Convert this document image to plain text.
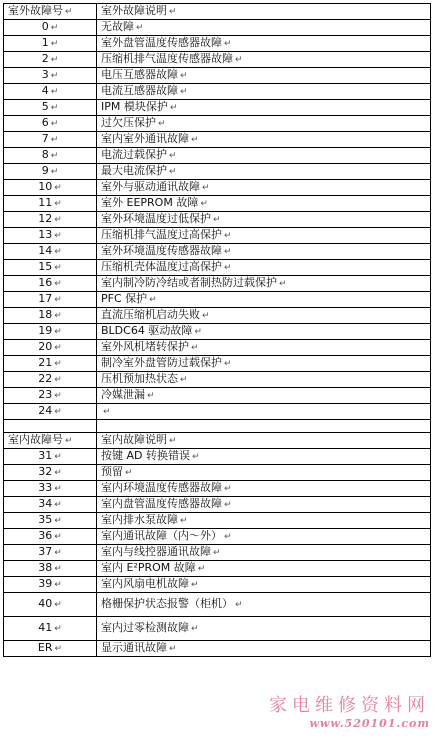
室外故障号 ↵	室外故障说明 ↵
0 ↵	无故障 ↵
1 ↵	室外盘管温度传感器故障 ↵
2 ↵	压缩机排气温度传感器故障 ↵
3 ↵	电压互感器故障 ↵
4 ↵	电流互感器故障 ↵
5 ↵	IPM 模块保护 ↵
6 ↵	过欠压保护 ↵
7 ↵	室内室外通讯故障 ↵
8 ↵	电流过载保护 ↵
9 ↵	最大电流保护 ↵
10 ↵	室外与驱动通讯故障 ↵
11 ↵	室外 EEPROM 故障 ↵
12 ↵	室外环境温度过低保护 ↵
13 ↵	压缩机排气温度过高保护 ↵
14 ↵	室外环境温度传感器故障 ↵
15 ↵	压缩机壳体温度过高保护 ↵
16 ↵	室内制冷防冷结或者制热防过载保护 ↵
17 ↵	PFC 保护 ↵
18 ↵	直流压缩机启动失败 ↵
19 ↵	BLDC64 驱动故障 ↵
20 ↵	室外风机堵转保护 ↵
21 ↵	制冷室外盘管防过载保护 ↵
22 ↵	压机预加热状态 ↵
23 ↵	冷媒泄漏 ↵
24 ↵	↵

室内故障号 ↵	室内故障说明 ↵
31 ↵	按键 AD 转换错误 ↵
32 ↵	预留 ↵
33 ↵	室内环境温度传感器故障 ↵
34 ↵	室内盘管温度传感器故障 ↵
35 ↵	室内排水泵故障 ↵
36 ↵	室内通讯故障（内～外） ↵
37 ↵	室内与线控器通讯故障 ↵
38 ↵	室内 E²PROM 故障 ↵
39 ↵	室内风扇电机故障 ↵
40 ↵	格栅保护状态报警（柜机） ↵
41 ↵	室内过零检测故障 ↵
ER ↵	显示通讯故障 ↵
家电维修资料网
www.520101.com
